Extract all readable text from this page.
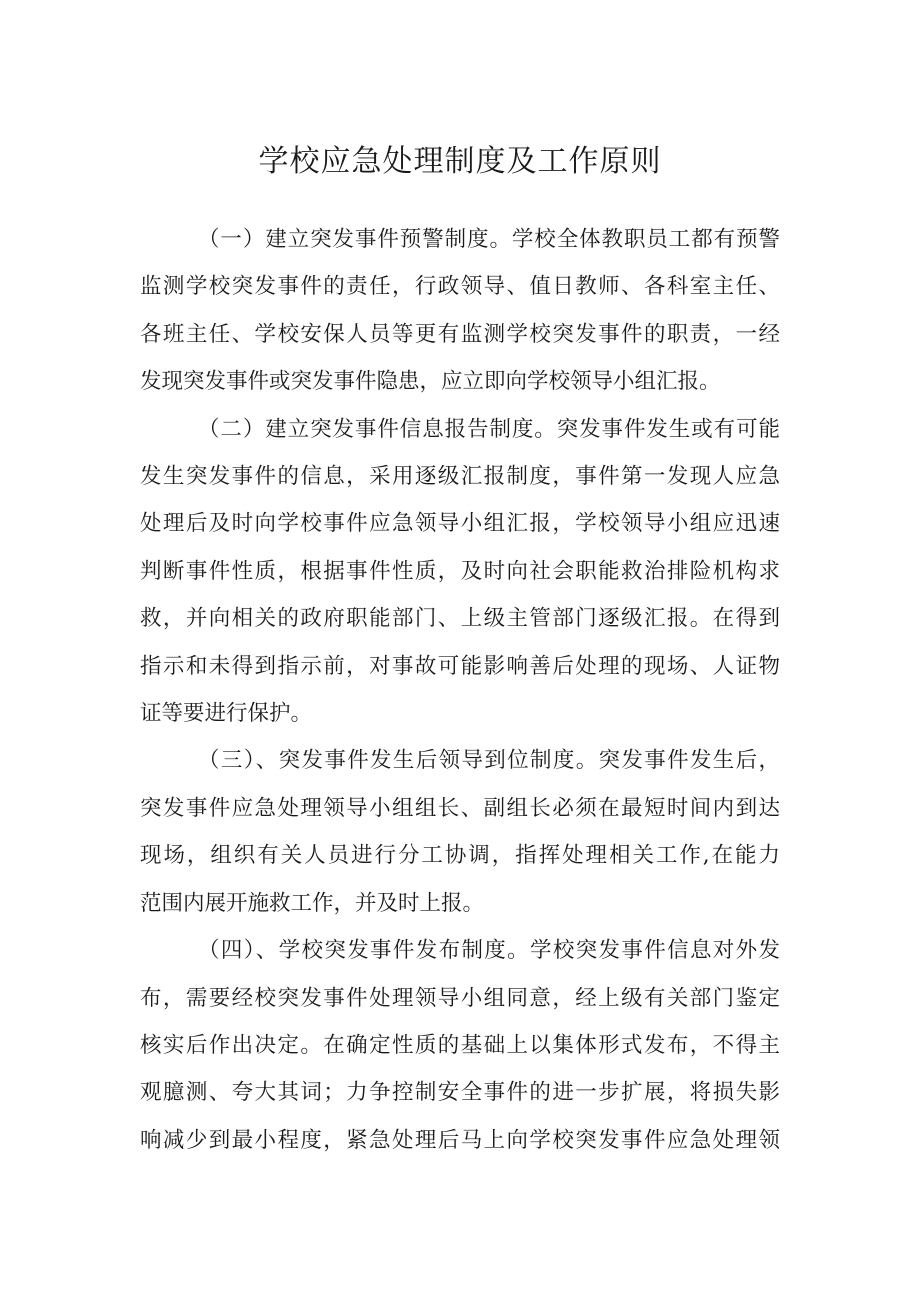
学校应急处理制度及工作原则
（一）建立突发事件预警制度。学校全体教职员工都有预警
监测学校突发事件的责任，行政领导、值日教师、各科室主任、
各班主任、学校安保人员等更有监测学校突发事件的职责，一经
发现突发事件或突发事件隐患，应立即向学校领导小组汇报。
（二）建立突发事件信息报告制度。突发事件发生或有可能
发生突发事件的信息，采用逐级汇报制度，事件第一发现人应急
处理后及时向学校事件应急领导小组汇报，学校领导小组应迅速
判断事件性质，根据事件性质，及时向社会职能救治排险机构求
救，并向相关的政府职能部门、上级主管部门逐级汇报。在得到
指示和未得到指示前，对事故可能影响善后处理的现场、人证物
证等要进行保护。
（三）、突发事件发生后领导到位制度。突发事件发生后，
突发事件应急处理领导小组组长、副组长必须在最短时间内到达
现场，组织有关人员进行分工协调，指挥处理相关工作,在能力
范围内展开施救工作，并及时上报。
（四）、学校突发事件发布制度。学校突发事件信息对外发
布，需要经校突发事件处理领导小组同意，经上级有关部门鉴定
核实后作出决定。在确定性质的基础上以集体形式发布，不得主
观臆测、夸大其词；力争控制安全事件的进一步扩展，将损失影
响减少到最小程度，紧急处理后马上向学校突发事件应急处理领
